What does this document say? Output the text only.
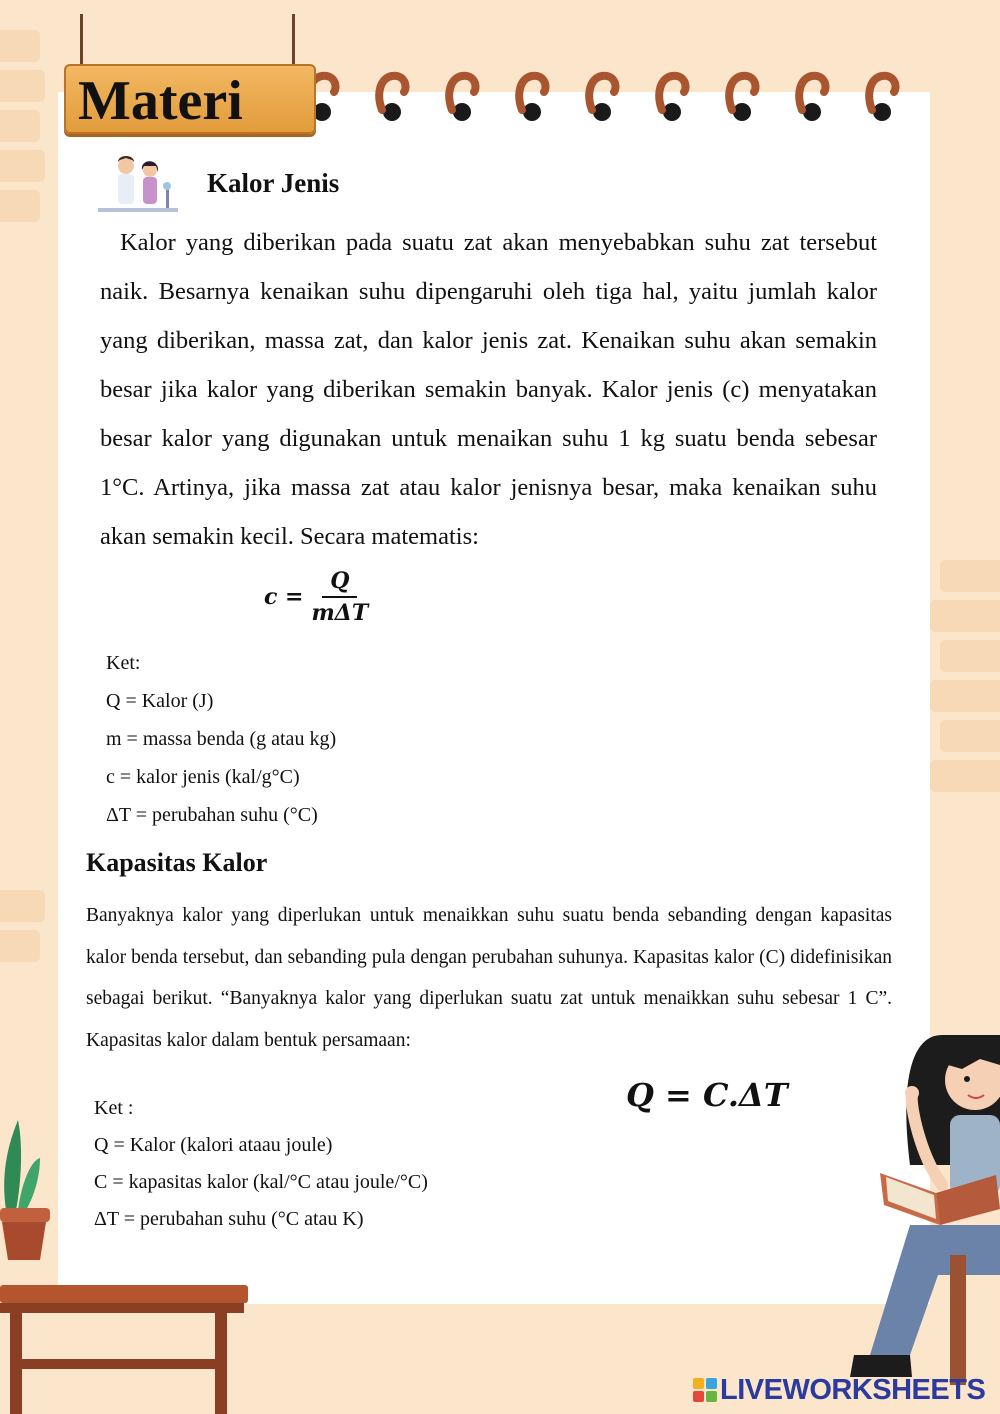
Materi
Kalor Jenis

Kalor yang diberikan pada suatu zat akan menyebabkan suhu zat tersebut naik. Besarnya kenaikan suhu dipengaruhi oleh tiga hal, yaitu jumlah kalor yang diberikan, massa zat, dan kalor jenis zat. Kenaikan suhu akan semakin besar jika kalor yang diberikan semakin banyak. Kalor jenis (c) menyatakan besar kalor yang digunakan untuk menaikan suhu 1 kg suatu benda sebesar 1°C. Artinya, jika massa zat atau kalor jenisnya besar, maka kenaikan suhu akan semakin kecil. Secara matematis:

$c = \frac{Q}{\text{mΔT}}$
Ket:
Q = Kalor (J)
m = massa benda (g atau kg)
c = kalor jenis (kal/g°C)
ΔT = perubahan suhu (°C)
Kapasitas Kalor

Banyaknya kalor yang diperlukan untuk menaikkan suhu suatu benda sebanding dengan kapasitas kalor benda tersebut, dan sebanding pula dengan perubahan suhunya. Kapasitas kalor (C) didefinisikan sebagai berikut. “Banyaknya kalor yang diperlukan suatu zat untuk menaikkan suhu sebesar 1 C”. Kapasitas kalor dalam bentuk persamaan:

Q = C.ΔT
Ket :
Q = Kalor (kalori ataau joule)
C = kapasitas kalor (kal/°C atau joule/°C)
ΔT = perubahan suhu (°C atau K)
LIVEWORKSHEETS
